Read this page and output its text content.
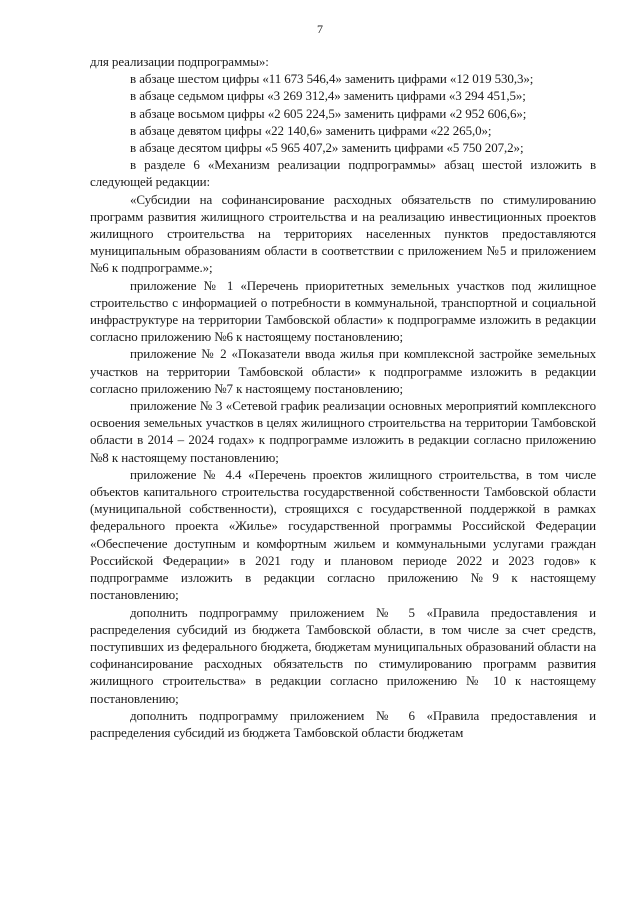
7

для реализации подпрограммы»:

в абзаце шестом цифры «11 673 546,4» заменить цифрами «12 019 530,3»;

в абзаце седьмом цифры «3 269 312,4» заменить цифрами «3 294 451,5»;

в абзаце восьмом цифры «2 605 224,5» заменить цифрами «2 952 606,6»;

в абзаце девятом цифры «22 140,6» заменить цифрами «22 265,0»;

в абзаце десятом цифры «5 965 407,2» заменить цифрами «5 750 207,2»;

в разделе 6 «Механизм реализации подпрограммы» абзац шестой изложить в следующей редакции:

«Субсидии на софинансирование расходных обязательств по стимулированию программ развития жилищного строительства и на реализацию инвестиционных проектов жилищного строительства на территориях населенных пунктов предоставляются муниципальным образованиям области в соответствии с приложением №5 и приложением №6 к подпрограмме.»;

приложение № 1 «Перечень приоритетных земельных участков под жилищное строительство с информацией о потребности в коммунальной, транспортной и социальной инфраструктуре на территории Тамбовской области» к подпрограмме изложить в редакции согласно приложению №6 к настоящему постановлению;

приложение № 2 «Показатели ввода жилья при комплексной застройке земельных участков на территории Тамбовской области» к подпрограмме изложить в редакции согласно приложению №7 к настоящему постановлению;

приложение № 3 «Сетевой график реализации основных мероприятий комплексного освоения земельных участков в целях жилищного строительства на территории Тамбовской области в 2014 – 2024 годах» к подпрограмме изложить в редакции согласно приложению №8 к настоящему постановлению;

приложение № 4.4 «Перечень проектов жилищного строительства, в том числе объектов капитального строительства государственной собственности Тамбовской области (муниципальной собственности), строящихся с государственной поддержкой в рамках федерального проекта «Жилье» государственной программы Российской Федерации «Обеспечение доступным и комфортным жильем и коммунальными услугами граждан Российской Федерации» в 2021 году и плановом периоде 2022 и 2023 годов» к подпрограмме изложить в редакции согласно приложению №9 к настоящему постановлению;

дополнить подпрограмму приложением № 5 «Правила предоставления и распределения субсидий из бюджета Тамбовской области, в том числе за счет средств, поступивших из федерального бюджета, бюджетам муниципальных образований области на софинансирование расходных обязательств по стимулированию программ развития жилищного строительства» в редакции согласно приложению № 10 к настоящему постановлению;

дополнить подпрограмму приложением № 6 «Правила предоставления и распределения субсидий из бюджета Тамбовской области бюджетам
